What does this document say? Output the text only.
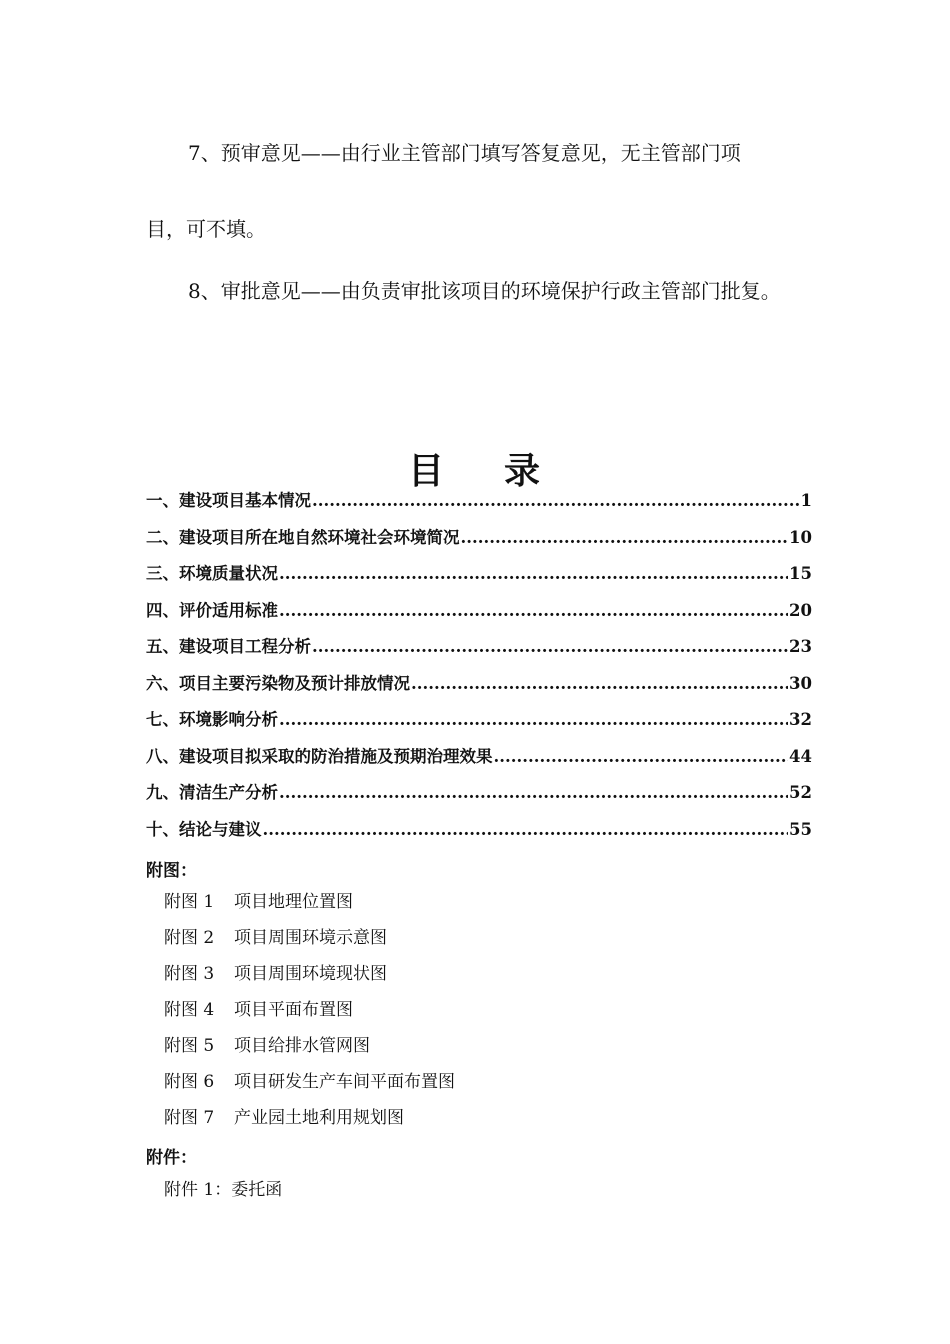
7、预审意见——由行业主管部门填写答复意见，无主管部门项
目，可不填。
8、审批意见——由负责审批该项目的环境保护行政主管部门批复。
目 录
一、建设项目基本情况 .....	1
二、建设项目所在地自然环境社会环境简况 .....	10
三、环境质量状况 .....	15
四、评价适用标准 .....	20
五、建设项目工程分析 .....	23
六、项目主要污染物及预计排放情况 .....	30
七、环境影响分析 .....	32
八、建设项目拟采取的防治措施及预期治理效果 .....	44
九、清洁生产分析 .....	52
十、结论与建议 .....	55
附图：
附图 1 项目地理位置图
附图 2 项目周围环境示意图
附图 3 项目周围环境现状图
附图 4 项目平面布置图
附图 5 项目给排水管网图
附图 6 项目研发生产车间平面布置图
附图 7 产业园土地利用规划图
附件：
附件 1：委托函
